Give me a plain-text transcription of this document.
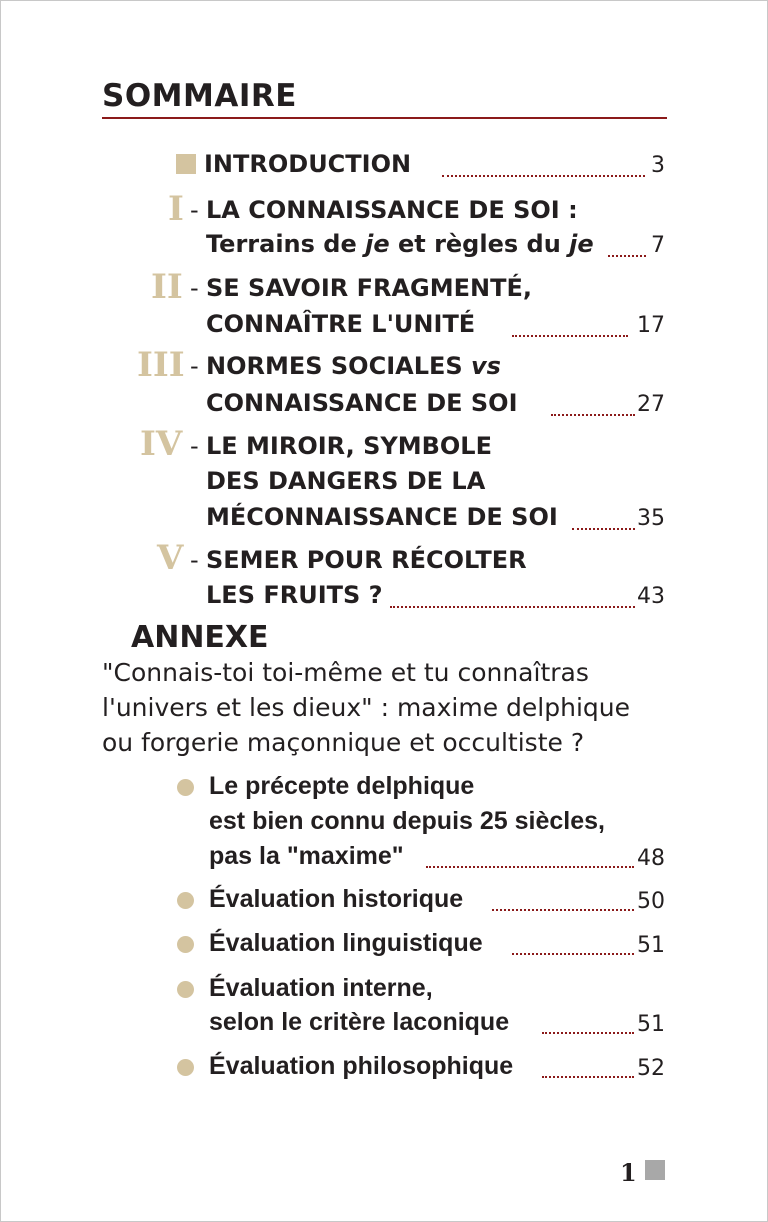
SOMMAIRE
INTRODUCTION	3
I - LA CONNAISSANCE DE SOI :
Terrains de je et règles du je	7
II - SE SAVOIR FRAGMENTÉ,
CONNAÎTRE L'UNITÉ	17
III - NORMES SOCIALES vs
CONNAISSANCE DE SOI	27
IV - LE MIROIR, SYMBOLE
DES DANGERS DE LA
MÉCONNAISSANCE DE SOI	35
V - SEMER POUR RÉCOLTER
LES FRUITS ?	43
ANNEXE
"Connais-toi toi-même et tu connaîtras
l'univers et les dieux" : maxime delphique
ou forgerie maçonnique et occultiste ?
Le précepte delphique
est bien connu depuis 25 siècles,
pas la "maxime"	48
Évaluation historique	50
Évaluation linguistique	51
Évaluation interne,
selon le critère laconique	51
Évaluation philosophique	52
1
